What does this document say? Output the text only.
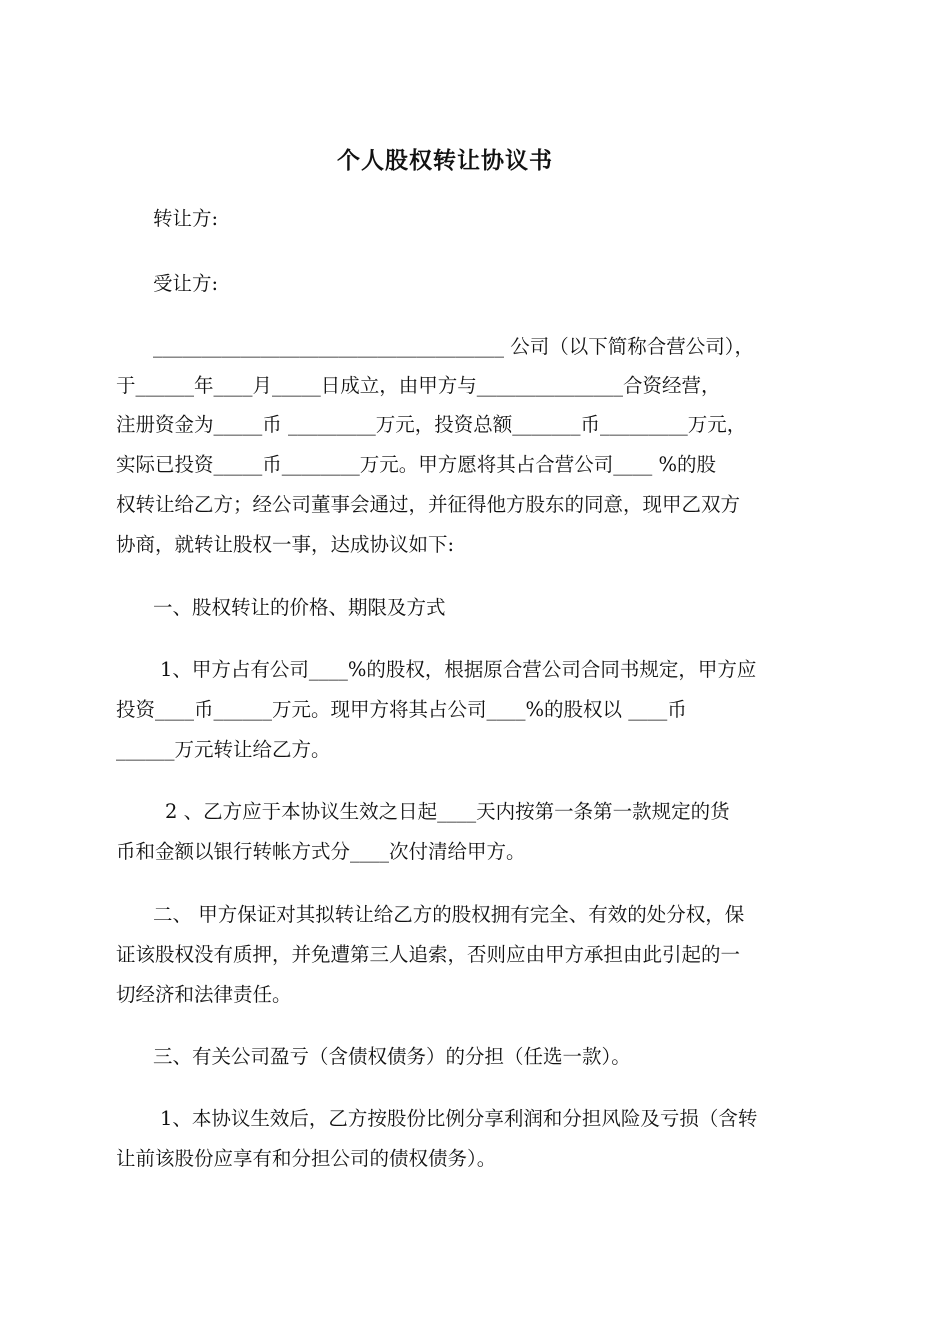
个人股权转让协议书
转让方:
受让方:
____________________________________ 公司（以下简称合营公司），
于______年____月_____日成立，由甲方与_______________合资经营，
注册资金为_____币 _________万元，投资总额_______币_________万元，
实际已投资_____币________万元。甲方愿将其占合营公司____ %的股
权转让给乙方；经公司董事会通过，并征得他方股东的同意，现甲乙双方
协商，就转让股权一事，达成协议如下:
一、股权转让的价格、期限及方式
1、甲方占有公司____%的股权，根据原合营公司合同书规定，甲方应
投资____币______万元。现甲方将其占公司____%的股权以 ____币
______万元转让给乙方。
2 、乙方应于本协议生效之日起____天内按第一条第一款规定的货
币和金额以银行转帐方式分____次付清给甲方。
二、 甲方保证对其拟转让给乙方的股权拥有完全、有效的处分权，保
证该股权没有质押，并免遭第三人追索，否则应由甲方承担由此引起的一
切经济和法律责任。
三、有关公司盈亏（含债权债务）的分担（任选一款）。
1、本协议生效后，乙方按股份比例分享利润和分担风险及亏损（含转
让前该股份应享有和分担公司的债权债务）。
